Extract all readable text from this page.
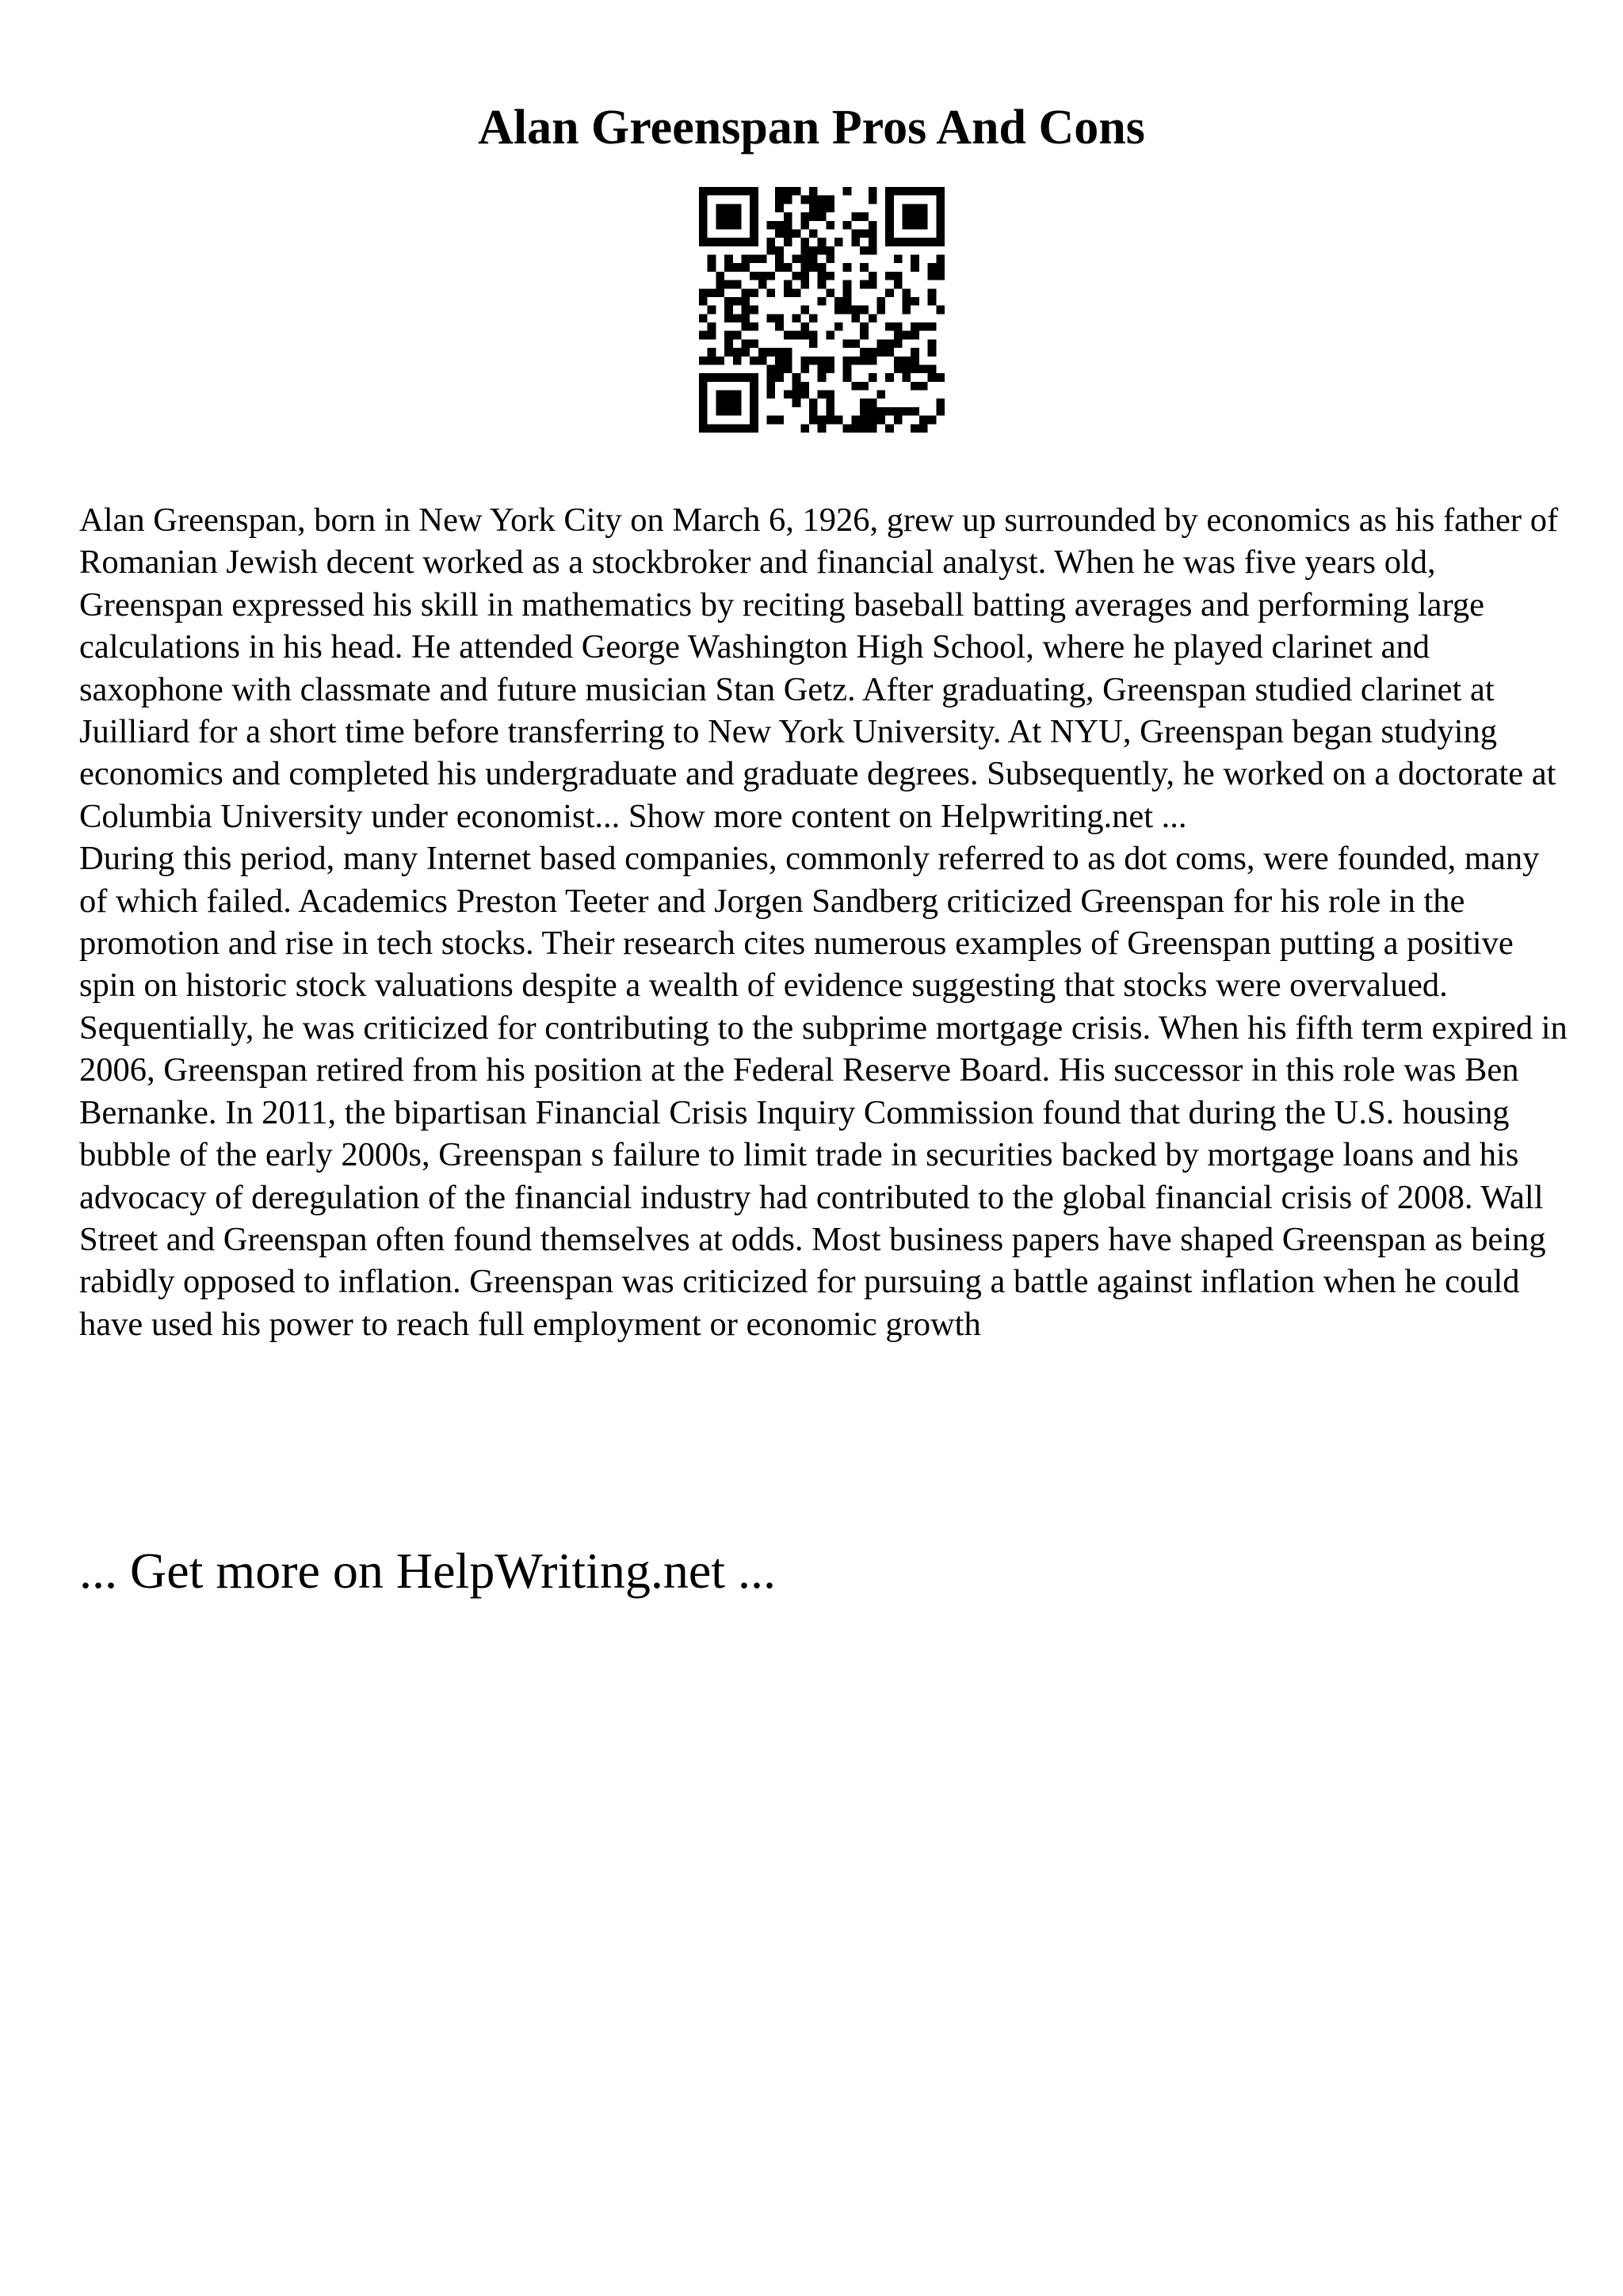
Alan Greenspan Pros And Cons

Alan Greenspan, born in New York City on March 6, 1926, grew up surrounded by economics as his father of Romanian Jewish decent worked as a stockbroker and financial analyst. When he was five years old, Greenspan expressed his skill in mathematics by reciting baseball batting averages and performing large calculations in his head. He attended George Washington High School, where he played clarinet and saxophone with classmate and future musician Stan Getz. After graduating, Greenspan studied clarinet at Juilliard for a short time before transferring to New York University. At NYU, Greenspan began studying economics and completed his undergraduate and graduate degrees. Subsequently, he worked on a doctorate at Columbia University under economist... Show more content on Helpwriting.net ...

During this period, many Internet based companies, commonly referred to as dot coms, were founded, many of which failed. Academics Preston Teeter and Jorgen Sandberg criticized Greenspan for his role in the promotion and rise in tech stocks. Their research cites numerous examples of Greenspan putting a positive spin on historic stock valuations despite a wealth of evidence suggesting that stocks were overvalued. Sequentially, he was criticized for contributing to the subprime mortgage crisis. When his fifth term expired in 2006, Greenspan retired from his position at the Federal Reserve Board. His successor in this role was Ben Bernanke. In 2011, the bipartisan Financial Crisis Inquiry Commission found that during the U.S. housing bubble of the early 2000s, Greenspan s failure to limit trade in securities backed by mortgage loans and his advocacy of deregulation of the financial industry had contributed to the global financial crisis of 2008. Wall Street and Greenspan often found themselves at odds. Most business papers have shaped Greenspan as being rabidly opposed to inflation. Greenspan was criticized for pursuing a battle against inflation when he could have used his power to reach full employment or economic growth

... Get more on HelpWriting.net ...
